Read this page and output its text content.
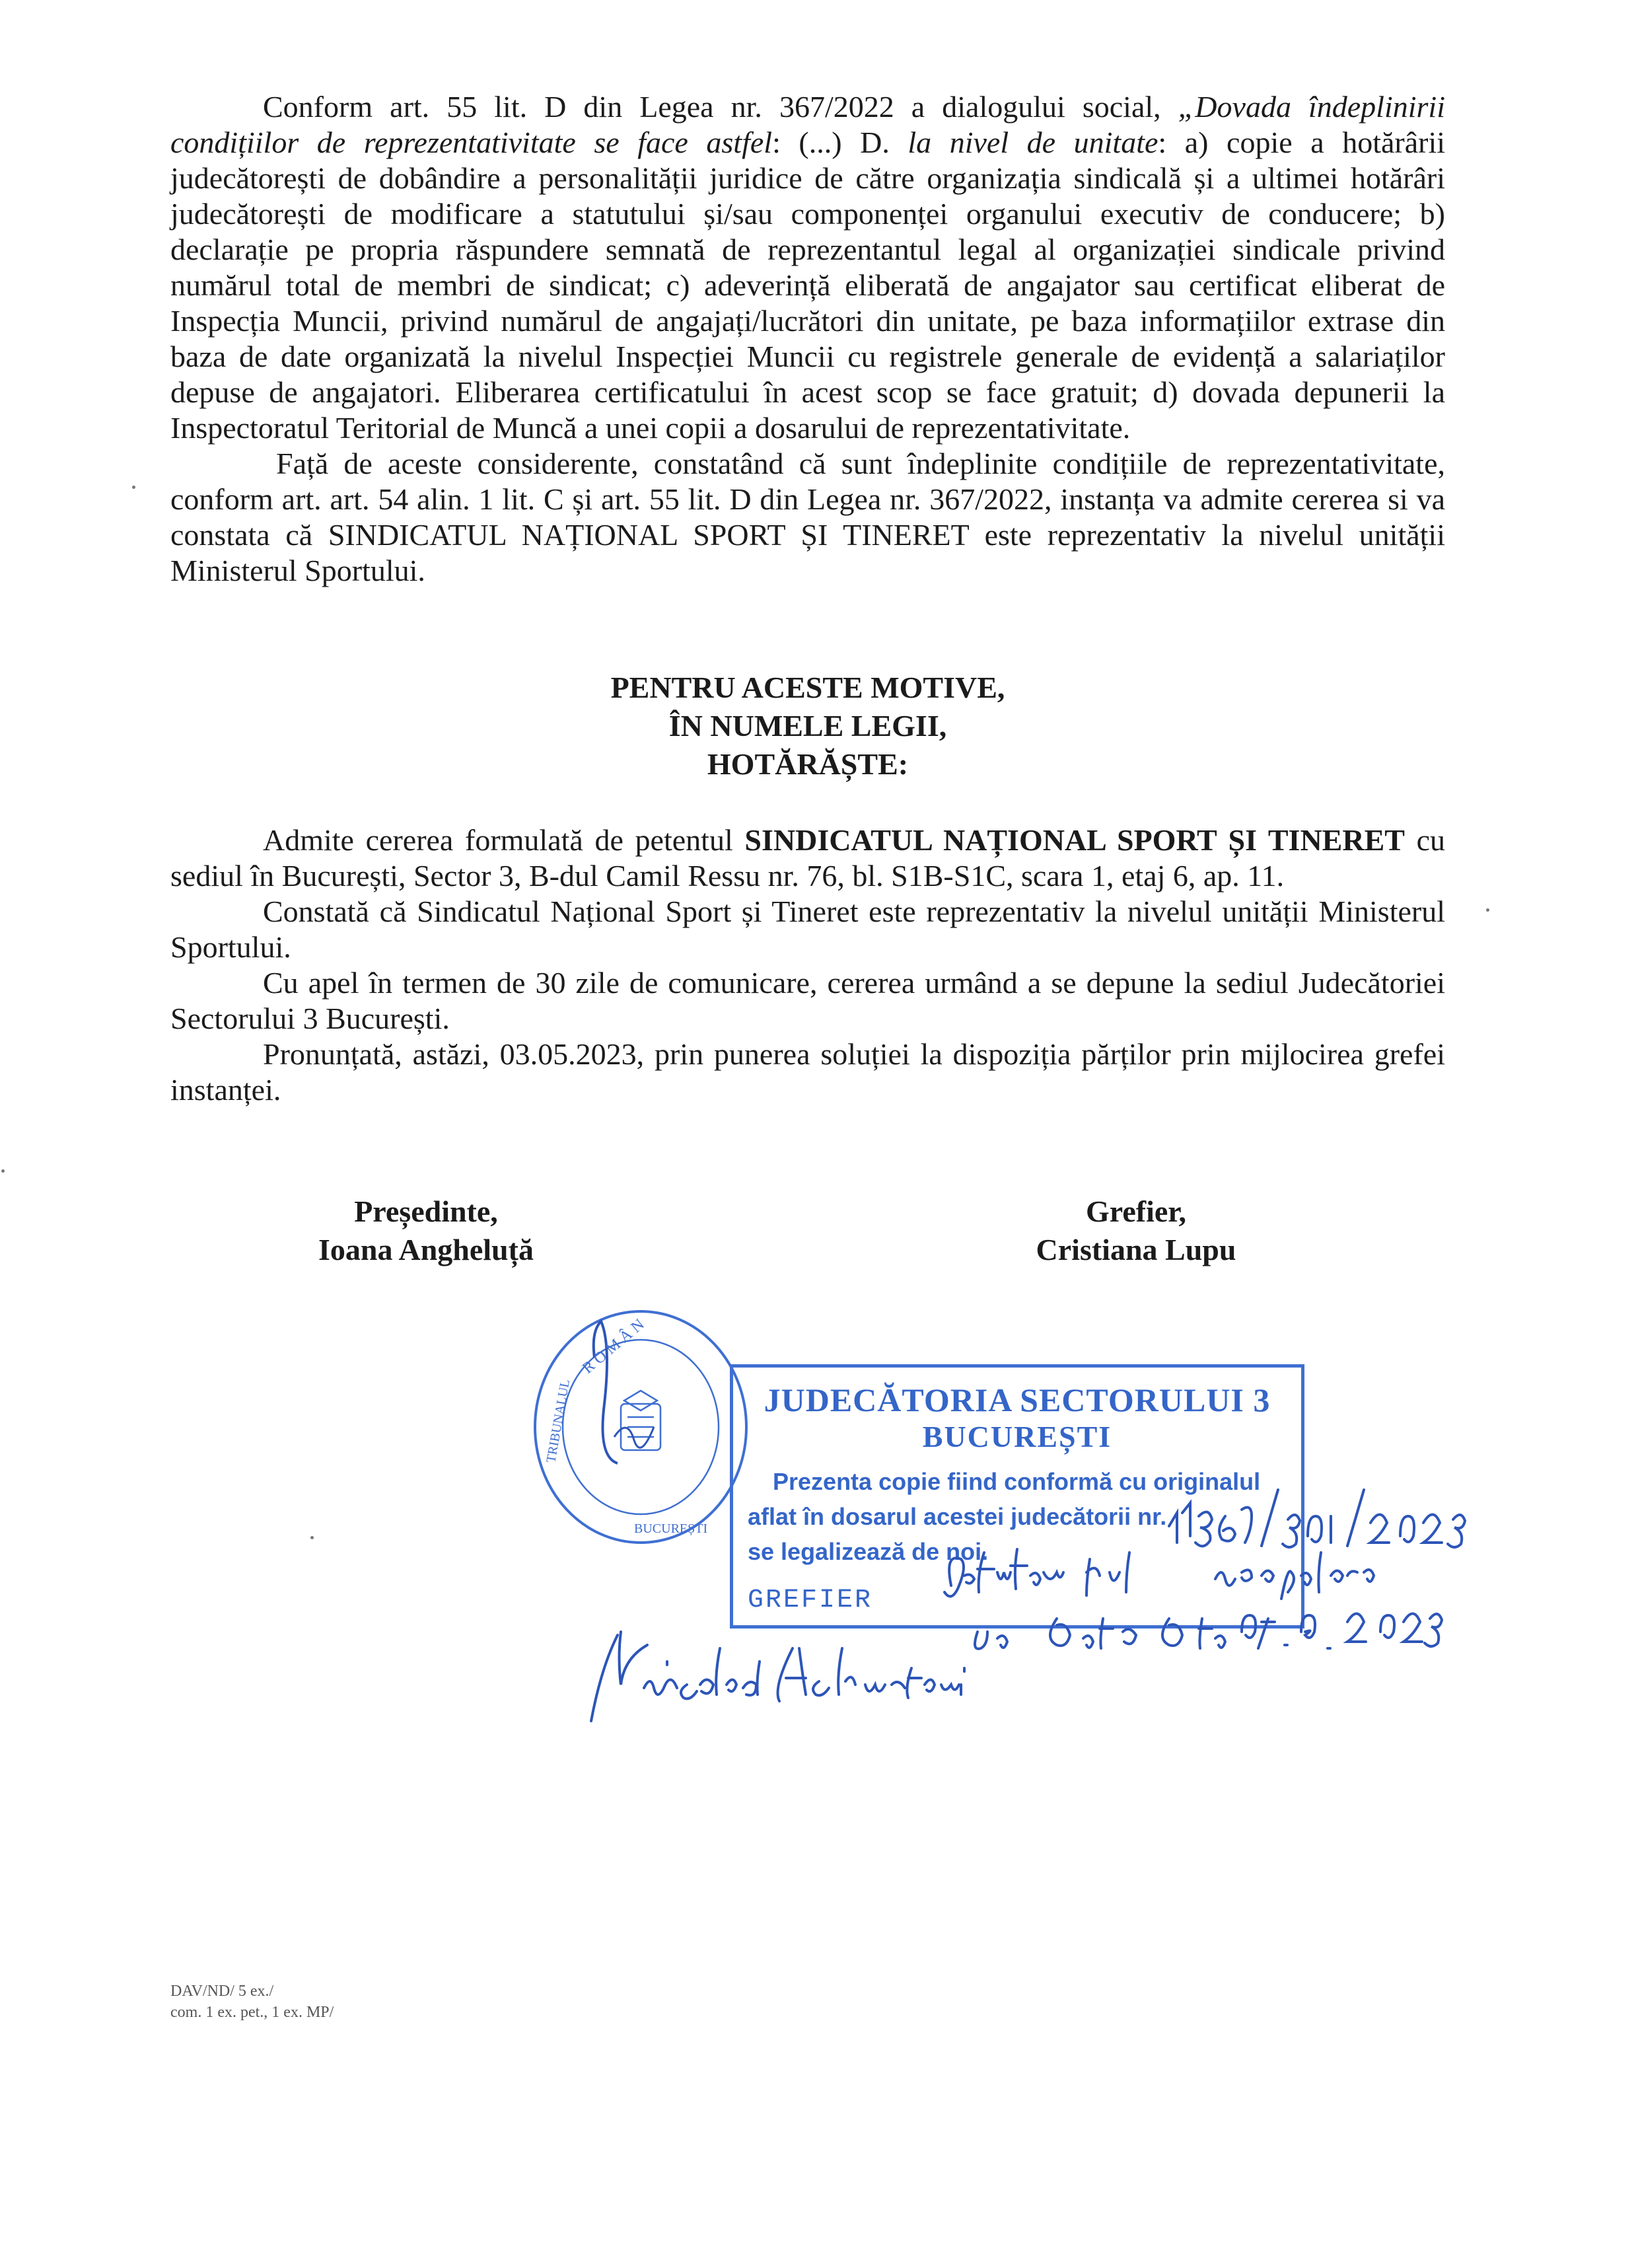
Conform art. 55 lit. D din Legea nr. 367/2022 a dialogului social, „Dovada îndeplinirii condițiilor de reprezentativitate se face astfel: (...) D. la nivel de unitate: a) copie a hotărârii judecătorești de dobândire a personalității juridice de către organizația sindicală și a ultimei hotărâri judecătorești de modificare a statutului și/sau componenței organului executiv de conducere; b) declarație pe propria răspundere semnată de reprezentantul legal al organizației sindicale privind numărul total de membri de sindicat; c) adeverință eliberată de angajator sau certificat eliberat de Inspecția Muncii, privind numărul de angajați/lucrători din unitate, pe baza informațiilor extrase din baza de date organizată la nivelul Inspecției Muncii cu registrele generale de evidență a salariaților depuse de angajatori. Eliberarea certificatului în acest scop se face gratuit; d) dovada depunerii la Inspectoratul Teritorial de Muncă a unei copii a dosarului de reprezentativitate.

Față de aceste considerente, constatând că sunt îndeplinite condițiile de reprezentativitate, conform art. art. 54 alin. 1 lit. C și art. 55 lit. D din Legea nr. 367/2022, instanța va admite cererea si va constata că SINDICATUL NAȚIONAL SPORT ȘI TINERET este reprezentativ la nivelul unității Ministerul Sportului.

PENTRU ACESTE MOTIVE,
ÎN NUMELE LEGII,
HOTĂRĂȘTE:

Admite cererea formulată de petentul SINDICATUL NAȚIONAL SPORT ȘI TINERET cu sediul în București, Sector 3, B-dul Camil Ressu nr. 76, bl. S1B-S1C, scara 1, etaj 6, ap. 11.

Constată că Sindicatul Național Sport și Tineret este reprezentativ la nivelul unității Ministerul Sportului.

Cu apel în termen de 30 zile de comunicare, cererea urmând a se depune la sediul Judecătoriei Sectorului 3 București.

Pronunțată, astăzi, 03.05.2023, prin punerea soluției la dispoziția părților prin mijlocirea grefei instanței.

Președinte,
Ioana Angheluță
Grefier,
Cristiana Lupu
R O M Â N
TRIBUNALUL
BUCUREȘTI
JUDECĂTORIA SECTORULUI 3
BUCUREȘTI
Prezenta copie fiind conformă cu originalul
aflat în dosarul acestei judecătorii nr.
se legalizează de noi.
GREFIER
DAV/ND/ 5 ex./
com. 1 ex. pet., 1 ex. MP/
